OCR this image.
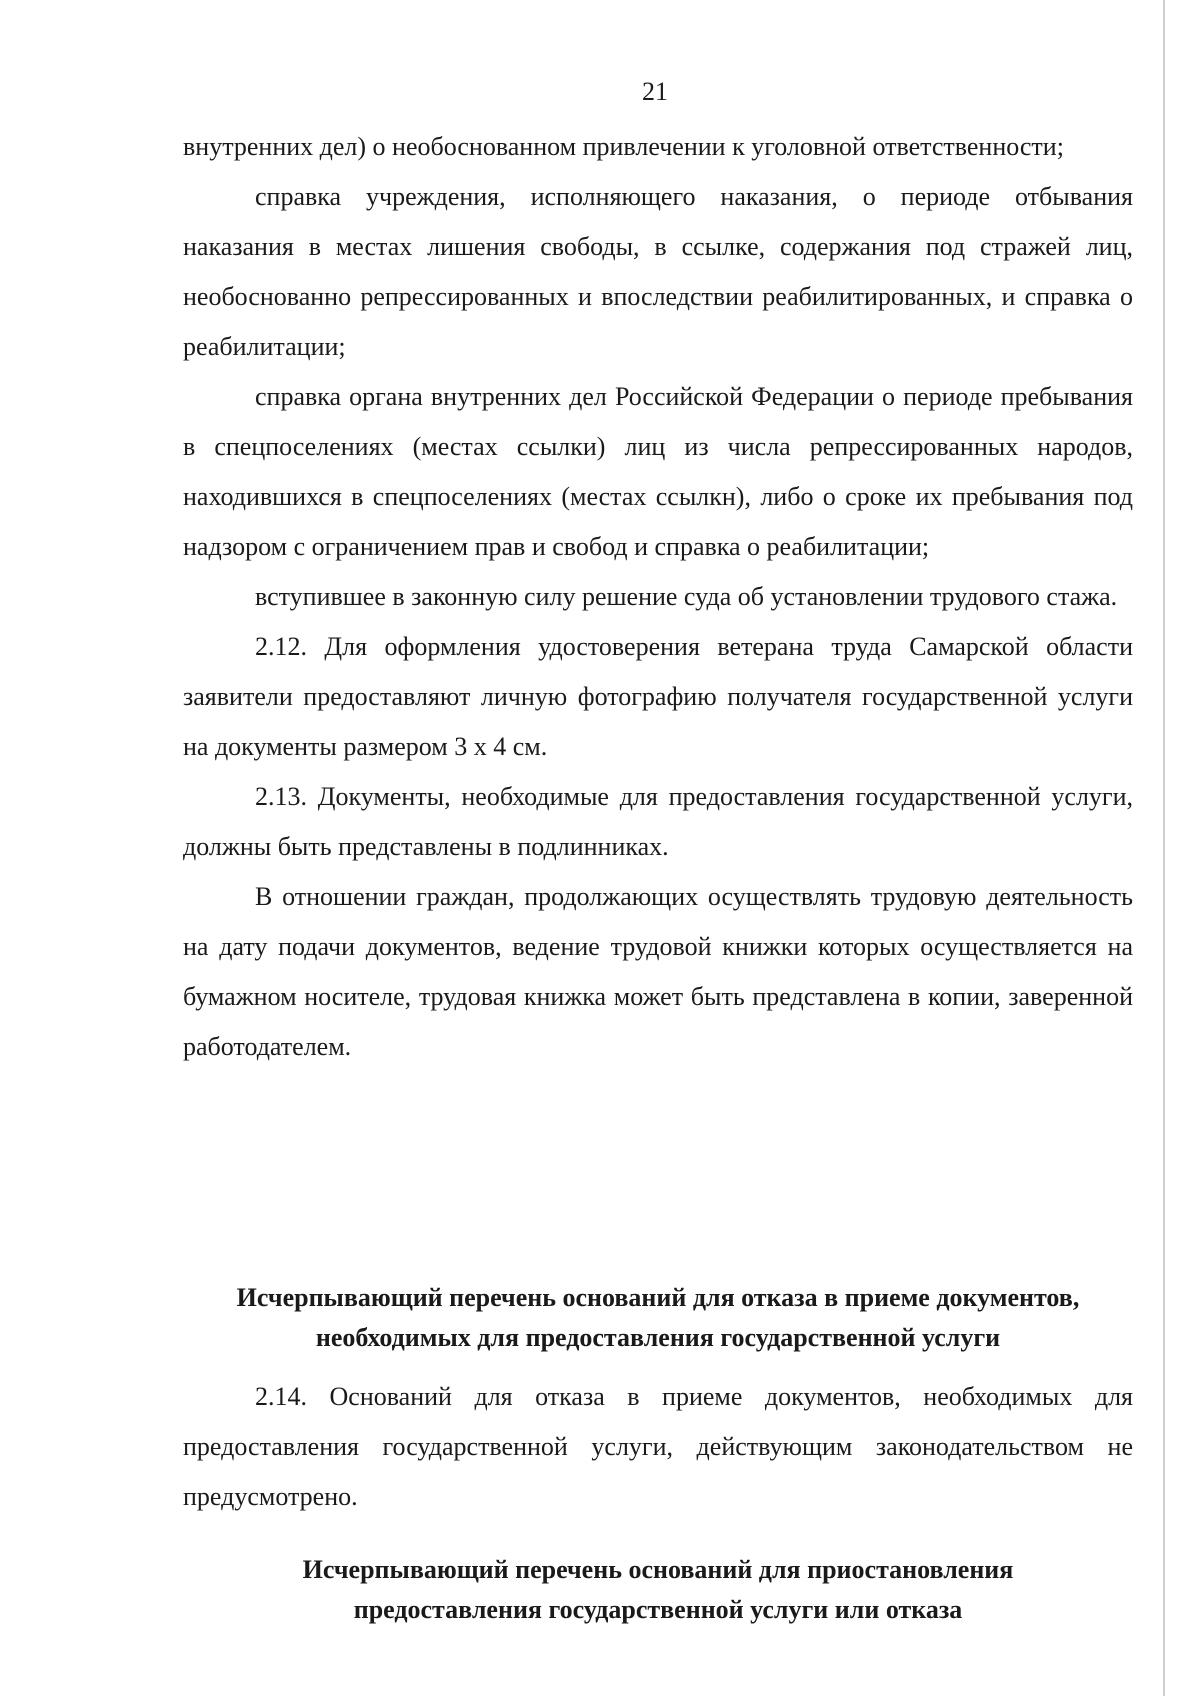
21

внутренних дел) о необоснованном привлечении к уголовной ответственности;

справка учреждения, исполняющего наказания, о периоде отбывания наказания в местах лишения свободы, в ссылке, содержания под стражей лиц, необоснованно репрессированных и впоследствии реабилитированных, и справка о реабилитации;

справка органа внутренних дел Российской Федерации о периоде пребывания в спецпоселениях (местах ссылки) лиц из числа репрессированных народов, находившихся в спецпоселениях (местах ссылкн), либо о сроке их пребывания под надзором с ограничением прав и свобод и справка о реабилитации;

вступившее в законную силу решение суда об установлении трудового стажа.

2.12. Для оформления удостоверения ветерана труда Самарской области заявители предоставляют личную фотографию получателя государственной услуги на документы размером 3 х 4 см.

2.13. Документы, необходимые для предоставления государственной услуги, должны быть представлены в подлинниках.

В отношении граждан, продолжающих осуществлять трудовую деятельность на дату подачи документов, ведение трудовой книжки которых осуществляется на бумажном носителе, трудовая книжка может быть представлена в копии, заверенной работодателем.

Исчерпывающий перечень оснований для отказа в приеме документов,
необходимых для предоставления государственной услуги

2.14. Оснований для отказа в приеме документов, необходимых для предоставления государственной услуги, действующим законодательством не предусмотрено.

Исчерпывающий перечень оснований для приостановления
предоставления государственной услуги или отказа
